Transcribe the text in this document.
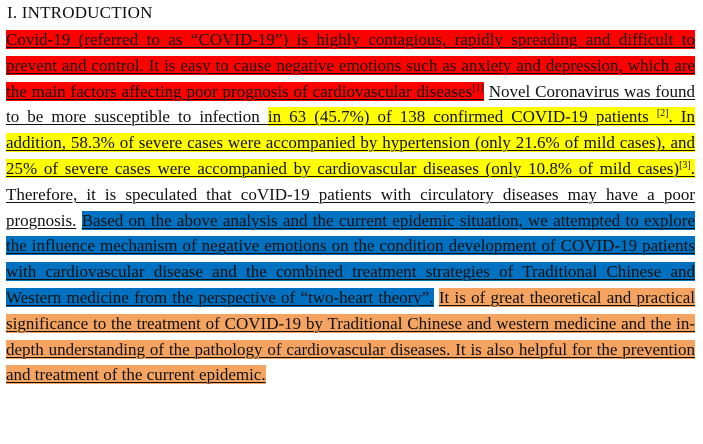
I. INTRODUCTION

Covid-19 (referred to as “COVID-19”) is highly contagious, rapidly spreading and difficult to prevent and control. It is easy to cause negative emotions such as anxiety and depression, which are the main factors affecting poor prognosis of cardiovascular diseases[1] Novel Coronavirus was found to be more susceptible to infection in 63 (45.7%) of 138 confirmed COVID-19 patients [2]. In addition, 58.3% of severe cases were accompanied by hypertension (only 21.6% of mild cases), and 25% of severe cases were accompanied by cardiovascular diseases (only 10.8% of mild cases)[3]. Therefore, it is speculated that coVID-19 patients with circulatory diseases may have a poor prognosis. Based on the above analysis and the current epidemic situation, we attempted to explore the influence mechanism of negative emotions on the condition development of COVID-19 patients with cardiovascular disease and the combined treatment strategies of Traditional Chinese and Western medicine from the perspective of “two-heart theory”. It is of great theoretical and practical significance to the treatment of COVID-19 by Traditional Chinese and western medicine and the in-depth understanding of the pathology of cardiovascular diseases. It is also helpful for the prevention and treatment of the current epidemic.
